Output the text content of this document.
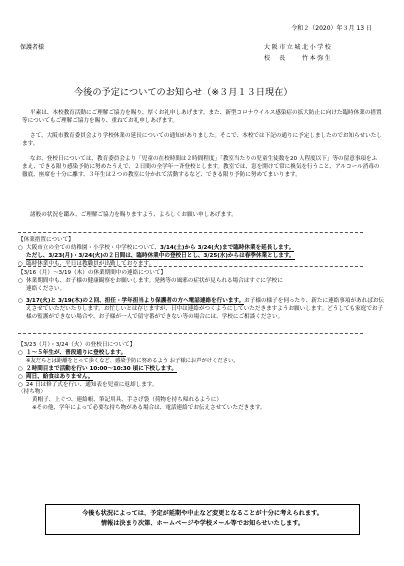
令和２（2020）年３月 13 日
保護者様	大阪市立城北小学校
校　長　　竹本弥生
今後の予定についてのお知らせ（※３月１３日現在）
平素は、本校教育活動にご理解ご協力を賜り、厚くお礼申しあげます。また、新型コロナウイルス感染症の拡大防止に向けた臨時休業の措置等についてもご理解ご協力を賜り、重ねてお礼申しあげます。
さて、大阪市教育委員会より学校休業の延長についての通知がありました。そこで、本校では下記の通りに予定しましたのでお知らせいたします。
なお、登校日については、教育委員会より「児童の在校時間は２時間程度」「教室当たりの児童生徒数を20 人程度以下」等の留意事項をふまえ、できる限り感染予防に努めたうえで、２日間の全学年一斉登校とします。教室では、窓を開けて常に換気を行うこと、アルコール消毒の徹底、座席を十分に離す、３年生は２つの教室に分かれて活動するなど、できる限り予防に努めてまいります。
諸般の状況を鑑み、ご理解ご協力を賜りますよう、よろしくお願い申しあげます。
【休業措置について】
○ 大阪市立の全ての幼稚園・小学校・中学校について、3/14(土)から 3/24(火)まで臨時休業を延長します。
ただし、3/23(月)・3/24(火)の２日間は、臨時休業中の登校日とし、3/25(水)からは春季休業とします。
○ 臨時休業中も、平日は教職員が出勤しております。
【3/16（月）～3/19（木）の休業期間中の連絡について】
○ 休業期間中も、お子様の健康観察をお願いします。発熱等の風邪の症状が見られる場合はすぐに学校に
連絡ください。
○ 3/17(火)と 3/19(木)の２回、担任・学年担当より保護者の方へ電話連絡を行います。お子様の様子を伺ったり、新たに連絡事項があればお伝えさせていただいたりします。お忙しいとは存じますが、日中は連絡がつくようにしていただきますようお願いします。どうしても家庭でお子様の監護ができない場合や、お子様が一人で留守番ができない等の場合には、学校にご相談ください。
【3/23（月）・3/24（火）の登校日について】
○ １～５年生が、普段通りに登校します。
※友だちとは距離をとって歩くなど、感染予防に努めるよう お子様にお声がけください。
○ ２時間目まで活動を行い 10:00～10:30 頃に下校します。
○ 両日、給食はありません。
○ 24 日は修了式を行い、通知表を児童に返却します。
〈持ち物〉
黄帽子、上ぐつ、連絡帳、筆記用具、手さげ袋（荷物を持ち帰れるように）
※その他、学年によって必要な持ち物がある場合は、電話連絡でお伝えさせていただきます。
今後も状況によっては、予定が延期や中止など変更となることが十分に考えられます。
情報は決まり次第、ホームページや学校メール等でお知らせいたします。
